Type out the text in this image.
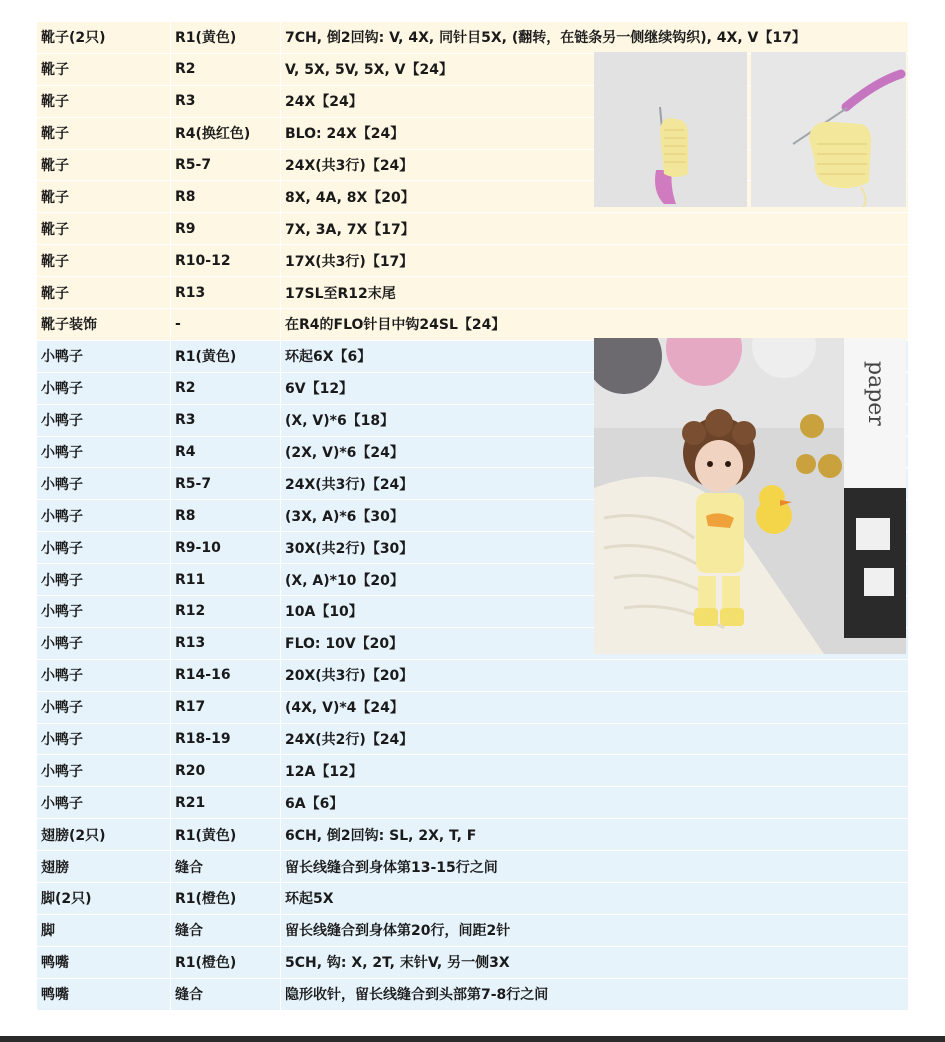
靴子(2只)	R1(黄色)	7CH, 倒2回钩: V, 4X, 同针目5X, (翻转，在链条另一侧继续钩织), 4X, V【17】
靴子	R2	V, 5X, 5V, 5X, V【24】
靴子	R3	24X【24】
靴子	R4(换红色)	BLO: 24X【24】
靴子	R5-7	24X(共3行)【24】
靴子	R8	8X, 4A, 8X【20】
靴子	R9	7X, 3A, 7X【17】
靴子	R10-12	17X(共3行)【17】
靴子	R13	17SL至R12末尾
靴子装饰	-	在R4的FLO针目中钩24SL【24】
小鸭子	R1(黄色)	环起6X【6】
小鸭子	R2	6V【12】
小鸭子	R3	(X, V)*6【18】
小鸭子	R4	(2X, V)*6【24】
小鸭子	R5-7	24X(共3行)【24】
小鸭子	R8	(3X, A)*6【30】
小鸭子	R9-10	30X(共2行)【30】
小鸭子	R11	(X, A)*10【20】
小鸭子	R12	10A【10】
小鸭子	R13	FLO: 10V【20】
小鸭子	R14-16	20X(共3行)【20】
小鸭子	R17	(4X, V)*4【24】
小鸭子	R18-19	24X(共2行)【24】
小鸭子	R20	12A【12】
小鸭子	R21	6A【6】
翅膀(2只)	R1(黄色)	6CH, 倒2回钩: SL, 2X, T, F
翅膀	缝合	留长线缝合到身体第13-15行之间
脚(2只)	R1(橙色)	环起5X
脚	缝合	留长线缝合到身体第20行，间距2针
鸭嘴	R1(橙色)	5CH, 钩: X, 2T, 末针V, 另一侧3X
鸭嘴	缝合	隐形收针，留长线缝合到头部第7-8行之间
paper
